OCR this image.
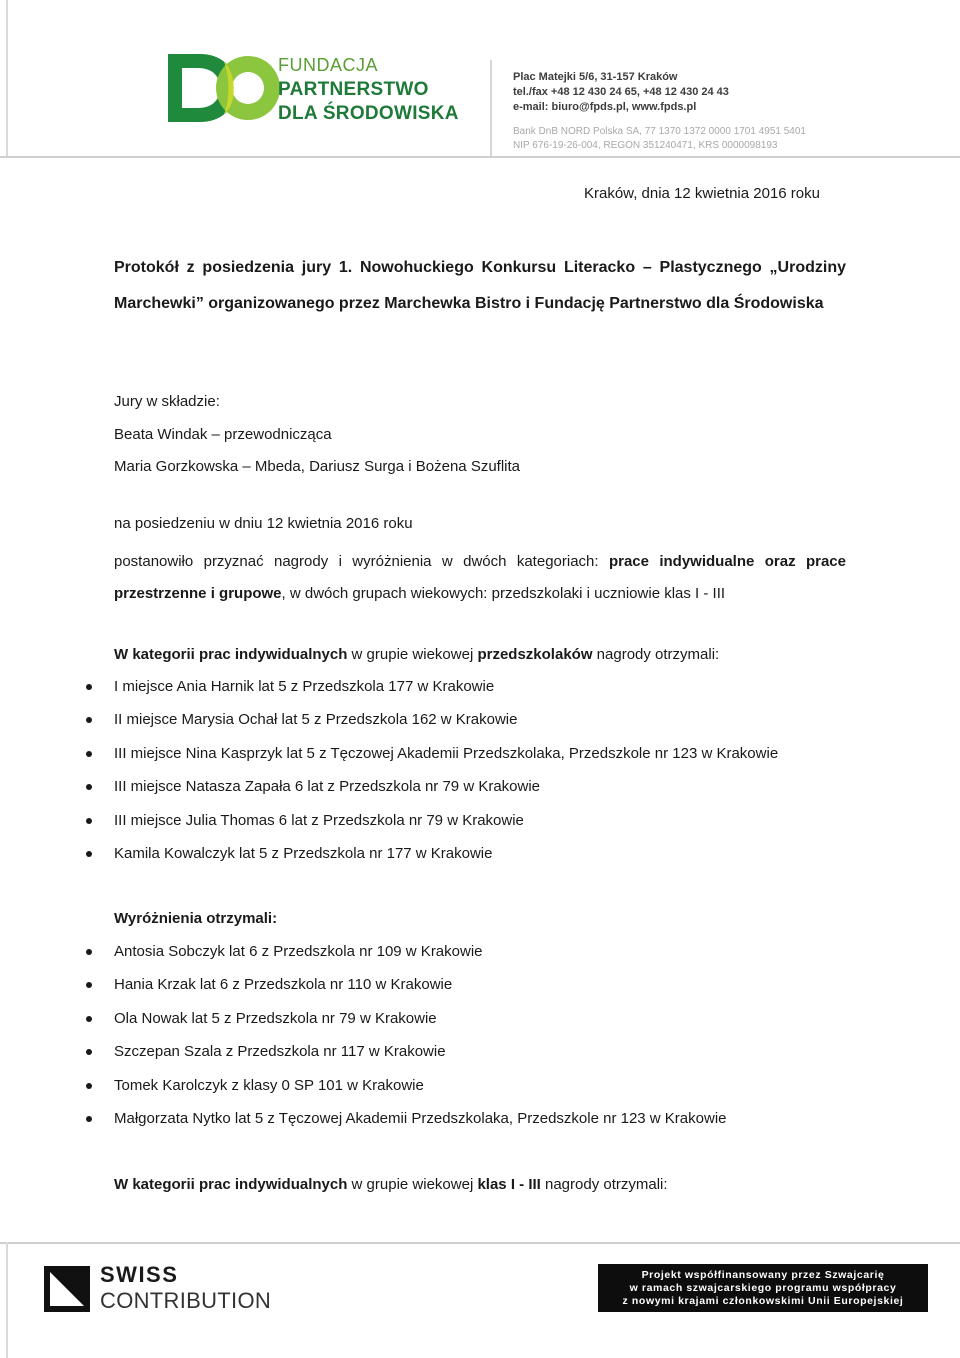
FUNDACJA
PARTNERSTWO
DLA ŚRODOWISKA
Plac Matejki 5/6, 31-157 Kraków
tel./fax +48 12 430 24 65, +48 12 430 24 43
e-mail: biuro@fpds.pl, www.fpds.pl
Bank DnB NORD Polska SA, 77 1370 1372 0000 1701 4951 5401
NIP 676-19-26-004, REGON 351240471, KRS 0000098193
Kraków, dnia 12 kwietnia 2016 roku
Protokół z posiedzenia jury 1. Nowohuckiego Konkursu Literacko – Plastycznego „Urodziny Marchewki” organizowanego przez Marchewka Bistro i Fundację Partnerstwo dla Środowiska
Jury w składzie:
Beata Windak – przewodnicząca
Maria Gorzkowska – Mbeda, Dariusz Surga i Bożena Szuflita
na posiedzeniu w dniu 12 kwietnia 2016 roku
postanowiło przyznać nagrody i wyróżnienia w dwóch kategoriach: prace indywidualne oraz prace przestrzenne i grupowe, w dwóch grupach wiekowych: przedszkolaki i uczniowie klas I - III
W kategorii prac indywidualnych w grupie wiekowej przedszkolaków nagrody otrzymali:
I miejsce Ania Harnik lat 5 z Przedszkola 177 w Krakowie
II miejsce Marysia Ochał lat 5 z Przedszkola 162 w Krakowie
III miejsce Nina Kasprzyk lat 5 z Tęczowej Akademii Przedszkolaka, Przedszkole nr 123 w Krakowie
III miejsce Natasza Zapała 6 lat z Przedszkola nr 79 w Krakowie
III miejsce Julia Thomas 6 lat z Przedszkola nr 79 w Krakowie
Kamila Kowalczyk lat 5 z Przedszkola nr 177 w Krakowie
Wyróżnienia otrzymali:
Antosia Sobczyk lat 6 z Przedszkola nr 109 w Krakowie
Hania Krzak lat 6 z Przedszkola nr 110 w Krakowie
Ola Nowak lat 5 z Przedszkola nr 79 w Krakowie
Szczepan Szala z Przedszkola nr 117 w Krakowie
Tomek Karolczyk z klasy 0 SP 101 w Krakowie
Małgorzata Nytko lat 5 z Tęczowej Akademii Przedszkolaka, Przedszkole nr 123 w Krakowie
W kategorii prac indywidualnych w grupie wiekowej klas I - III nagrody otrzymali:
SWISS
CONTRIBUTION
Projekt współfinansowany przez Szwajcarię
w ramach szwajcarskiego programu współpracy
z nowymi krajami członkowskimi Unii Europejskiej
